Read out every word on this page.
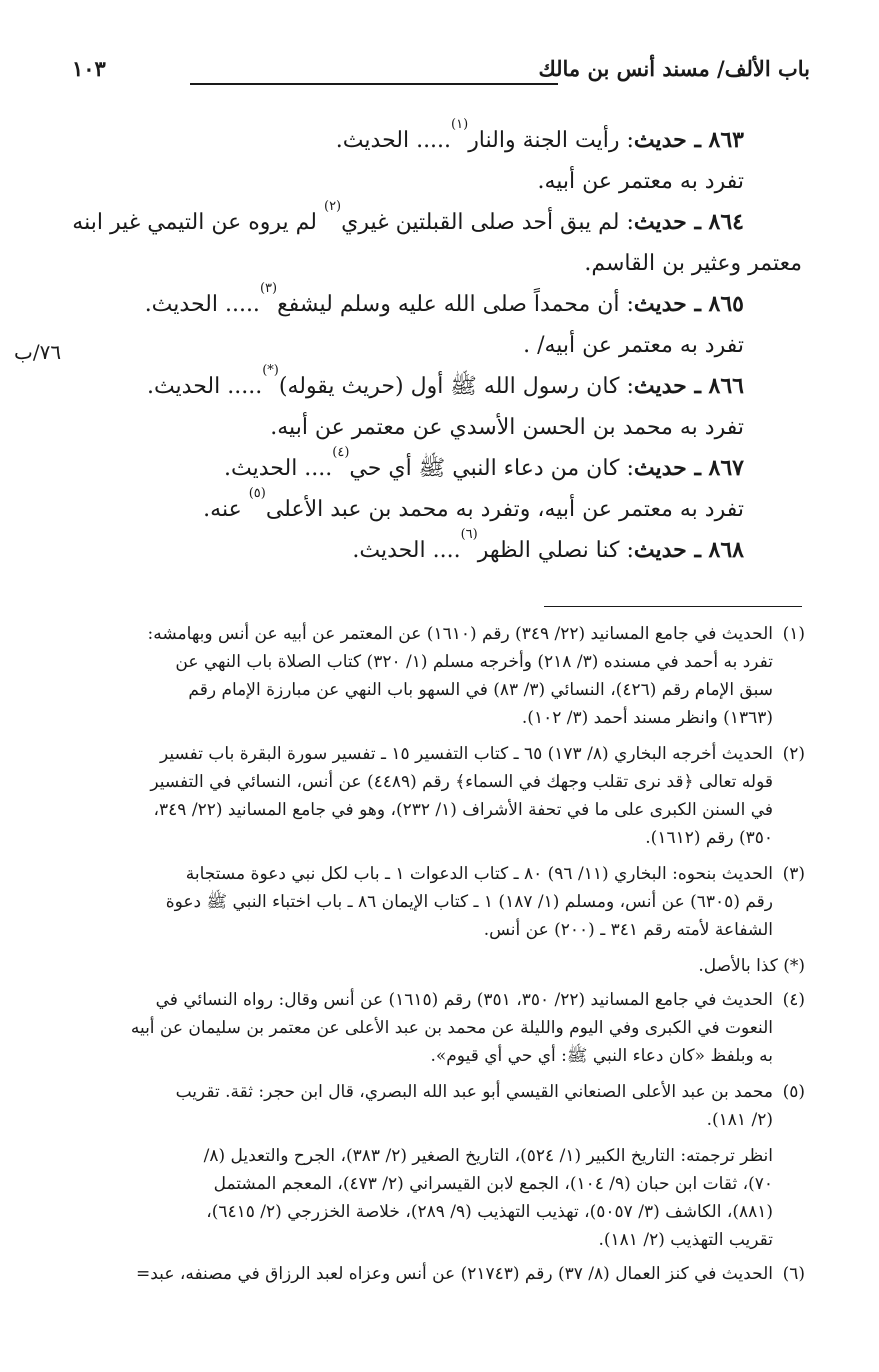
باب الألف/ مسند أنس بن مالك
١٠٣
٧٦/ب
٨٦٣ ـ حديث: رأيت الجنة والنار$^{(١)}$..... الحديث.
تفرد به معتمر عن أبيه.
٨٦٤ ـ حديث: لم يبق أحد صلى القبلتين غيري$^{(٢)}$ لم يروه عن التيمي غير ابنه
معتمر وعثير بن القاسم.
٨٦٥ ـ حديث: أن محمداً صلى الله عليه وسلم ليشفع$^{(٣)}$..... الحديث.
تفرد به معتمر عن أبيه/ .
٨٦٦ ـ حديث: كان رسول الله ﷺ أول (حريث يقوله)(*)..... الحديث.
تفرد به محمد بن الحسن الأسدي عن معتمر عن أبيه.
٨٦٧ ـ حديث: كان من دعاء النبي ﷺ أي حي$^{(٤)}$.... الحديث.
تفرد به معتمر عن أبيه، وتفرد به محمد بن عبد الأعلى$^{(٥)}$ عنه.
٨٦٨ ـ حديث: كنا نصلي الظهر$^{(٦)}$.... الحديث.
(١)
الحديث في جامع المسانيد (٢٢/ ٣٤٩) رقم (١٦١٠) عن المعتمر عن أبيه عن أنس وبهامشه:
تفرد به أحمد في مسنده (٣/ ٢١٨) وأخرجه مسلم (١/ ٣٢٠) كتاب الصلاة باب النهي عن
سبق الإمام رقم (٤٢٦)، النسائي (٣/ ٨٣) في السهو باب النهي عن مبارزة الإمام رقم
(١٣٦٣) وانظر مسند أحمد (٣/ ١٠٢).
(٢)
الحديث أخرجه البخاري (٨/ ١٧٣) ٦٥ ـ كتاب التفسير ١٥ ـ تفسير سورة البقرة باب تفسير
قوله تعالى ﴿قد نرى تقلب وجهك في السماء﴾ رقم (٤٤٨٩) عن أنس، النسائي في التفسير
في السنن الكبرى على ما في تحفة الأشراف (١/ ٢٣٢)، وهو في جامع المسانيد (٢٢/ ٣٤٩،
٣٥٠) رقم (١٦١٢).
(٣)
الحديث بنحوه: البخاري (١١/ ٩٦) ٨٠ ـ كتاب الدعوات ١ ـ باب لكل نبي دعوة مستجابة
رقم (٦٣٠٥) عن أنس، ومسلم (١/ ١٨٧) ١ ـ كتاب الإيمان ٨٦ ـ باب اختباء النبي ﷺ دعوة
الشفاعة لأمته رقم ٣٤١ ـ (٢٠٠) عن أنس.
(*) كذا بالأصل.
(٤)
الحديث في جامع المسانيد (٢٢/ ٣٥٠، ٣٥١) رقم (١٦١٥) عن أنس وقال: رواه النسائي في
النعوت في الكبرى وفي اليوم والليلة عن محمد بن عبد الأعلى عن معتمر بن سليمان عن أبيه
به وبلفظ «كان دعاء النبي ﷺ: أي حي أي قيوم».
(٥)
محمد بن عبد الأعلى الصنعاني القيسي أبو عبد الله البصري، قال ابن حجر: ثقة. تقريب
(٢/ ١٨١).
انظر ترجمته: التاريخ الكبير (١/ ٥٢٤)، التاريخ الصغير (٢/ ٣٨٣)، الجرح والتعديل (٨/
٧٠)، ثقات ابن حبان (٩/ ١٠٤)، الجمع لابن القيسراني (٢/ ٤٧٣)، المعجم المشتمل
(٨٨١)، الكاشف (٣/ ٥٠٥٧)، تهذيب التهذيب (٩/ ٢٨٩)، خلاصة الخزرجي (٢/ ٦٤١٥)،
تقريب التهذيب (٢/ ١٨١).
(٦)
الحديث في كنز العمال (٨/ ٣٧) رقم (٢١٧٤٣) عن أنس وعزاه لعبد الرزاق في مصنفه، عبد=
